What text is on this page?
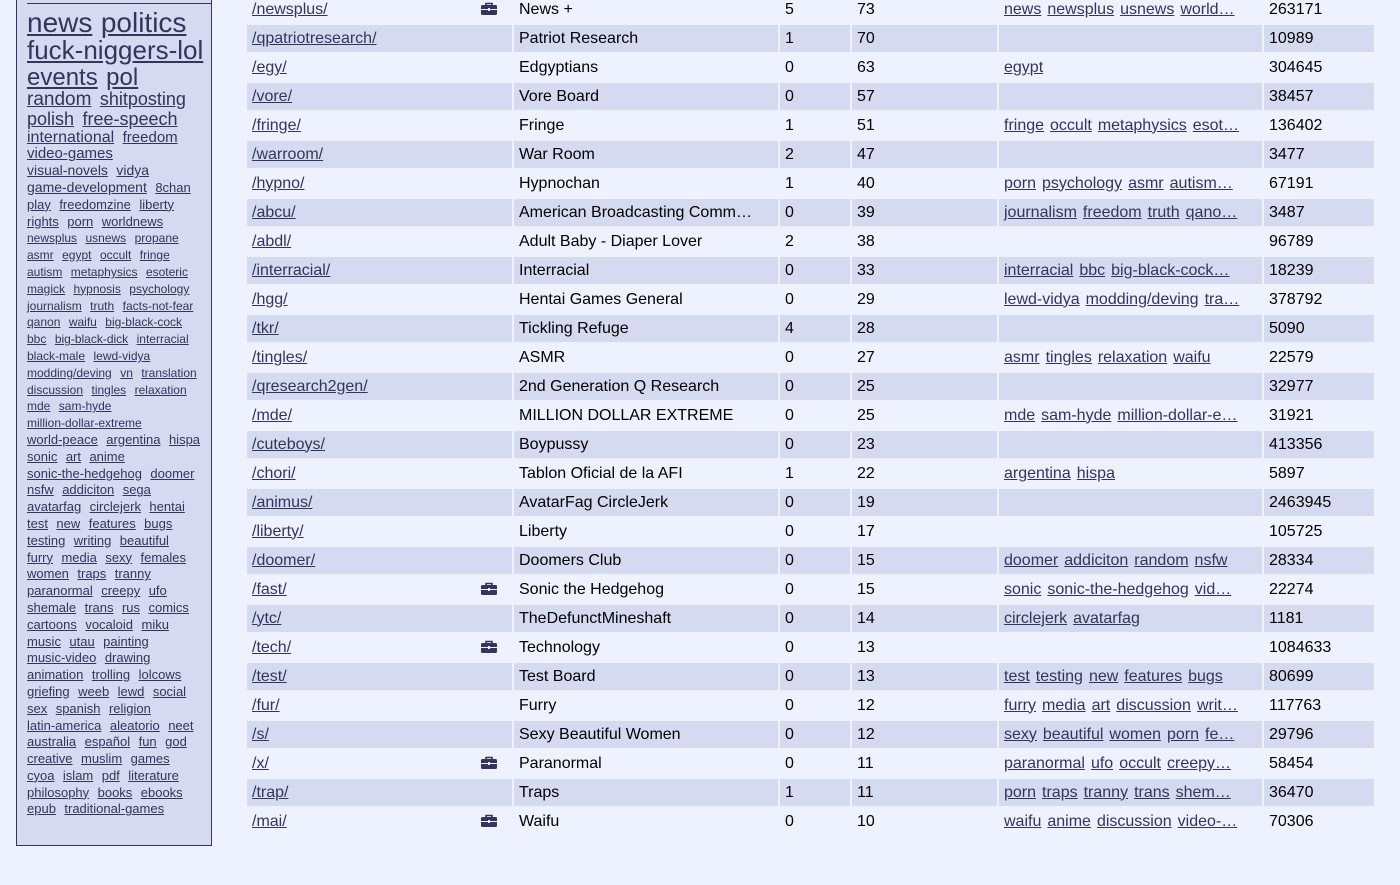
news politics fuck-niggers-lol events pol random shitposting polish free-speech international freedom video-games visual-novels vidya game-development 8chan play freedomzine liberty rights porn worldnews newsplus usnews propane asmr egypt occult fringe autism metaphysics esoteric magick hypnosis psychology journalism truth facts-not-fear qanon waifu big-black-cock bbc big-black-dick interracial black-male lewd-vidya modding/deving vn translation discussion tingles relaxation mde sam-hyde million-dollar-extreme world-peace argentina hispa sonic art anime sonic-the-hedgehog doomer nsfw addiciton sega avatarfag circlejerk hentai test new features bugs testing writing beautiful furry media sexy females women traps tranny paranormal creepy ufo shemale trans rus comics cartoons vocaloid miku music utau painting music-video drawing animation trolling lolcows griefing weeb lewd social sex spanish religion latin-america aleatorio neet australia español fun god creative muslim games cyoa islam pdf literature philosophy books ebooks epub traditional-games
/newsplus/	News +	5	73	news newsplus usnews world…	263171
/qpatriotresearch/	Patriot Research	1	70		10989
/egy/	Edgyptians	0	63	egypt	304645
/vore/	Vore Board	0	57		38457
/fringe/	Fringe	1	51	fringe occult metaphysics esot…	136402
/warroom/	War Room	2	47		3477
/hypno/	Hypnochan	1	40	porn psychology asmr autism…	67191
/abcu/	American Broadcasting Comm…	0	39	journalism freedom truth qano…	3487
/abdl/	Adult Baby - Diaper Lover	2	38		96789
/interracial/	Interracial	0	33	interracial bbc big-black-cock…	18239
/hgg/	Hentai Games General	0	29	lewd-vidya modding/deving tra…	378792
/tkr/	Tickling Refuge	4	28		5090
/tingles/	ASMR	0	27	asmr tingles relaxation waifu	22579
/qresearch2gen/	2nd Generation Q Research	0	25		32977
/mde/	MILLION DOLLAR EXTREME	0	25	mde sam-hyde million-dollar-e…	31921
/cuteboys/	Boypussy	0	23		413356
/chori/	Tablon Oficial de la AFI	1	22	argentina hispa	5897
/animus/	AvatarFag CircleJerk	0	19		2463945
/liberty/	Liberty	0	17		105725
/doomer/	Doomers Club	0	15	doomer addiciton random nsfw	28334
/fast/	Sonic the Hedgehog	0	15	sonic sonic-the-hedgehog vid…	22274
/ytc/	TheDefunctMineshaft	0	14	circlejerk avatarfag	1181
/tech/	Technology	0	13		1084633
/test/	Test Board	0	13	test testing new features bugs	80699
/fur/	Furry	0	12	furry media art discussion writ…	117763
/s/	Sexy Beautiful Women	0	12	sexy beautiful women porn fe…	29796
/x/	Paranormal	0	11	paranormal ufo occult creepy…	58454
/trap/	Traps	1	11	porn traps tranny trans shem…	36470
/mai/	Waifu	0	10	waifu anime discussion video-…	70306
